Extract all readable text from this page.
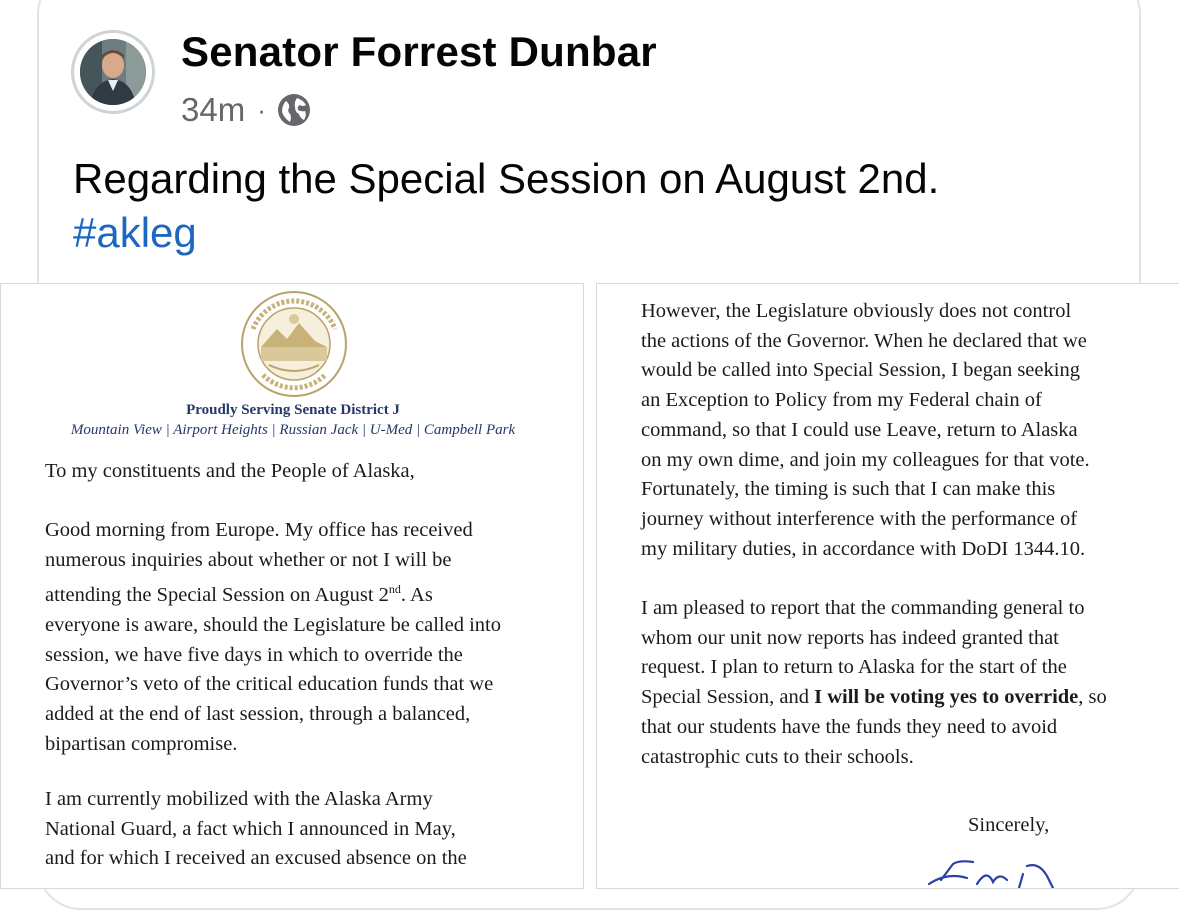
Senator Forrest Dunbar
34m ·

Regarding the Special Session on August 2nd.
#akleg

Proudly Serving Senate District J

Mountain View | Airport Heights | Russian Jack | U-Med | Campbell Park

To my constituents and the People of Alaska,

Good morning from Europe. My office has received
numerous inquiries about whether or not I will be
attending the Special Session on August 2nd. As
everyone is aware, should the Legislature be called into
session, we have five days in which to override the
Governor’s veto of the critical education funds that we
added at the end of last session, through a balanced,
bipartisan compromise.

I am currently mobilized with the Alaska Army
National Guard, a fact which I announced in May,
and for which I received an excused absence on the

However, the Legislature obviously does not control
the actions of the Governor. When he declared that we
would be called into Special Session, I began seeking
an Exception to Policy from my Federal chain of
command, so that I could use Leave, return to Alaska
on my own dime, and join my colleagues for that vote.
Fortunately, the timing is such that I can make this
journey without interference with the performance of
my military duties, in accordance with DoDI 1344.10.

I am pleased to report that the commanding general to
whom our unit now reports has indeed granted that
request. I plan to return to Alaska for the start of the
Special Session, and I will be voting yes to override, so
that our students have the funds they need to avoid
catastrophic cuts to their schools.

Sincerely,
